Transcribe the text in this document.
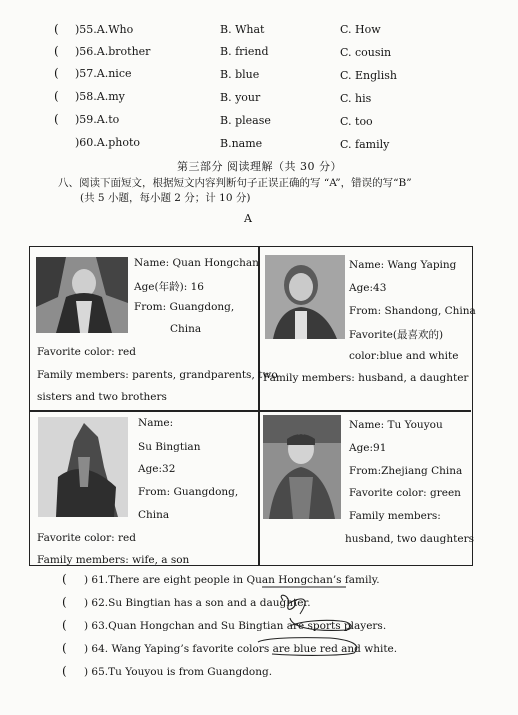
( )55.A.Who	B. What	C. How
( )56.A.brother	B. friend	C. cousin
( )57.A.nice	B. blue	C. English
( )58.A.my	B. your	C. his
( )59.A.to	B. please	C. too
)60.A.photo	B.name	C. family
第三部分 阅读理解（共 30 分）
八、阅读下面短文，根据短文内容判断句子正误正确的写 “A”，错误的写“B”
(共 5 小题，每小题 2 分；计 10 分)
A
Name: Quan Hongchan
Age(年龄): 16
From: Guangdong,
China
Favorite color: red
Family members: parents, grandparents, two
sisters and two brothers
Name: Wang Yaping
Age:43
From: Shandong, China
Favorite(最喜欢的)
color:blue and white
Family members: husband, a daughter
Name:
Su Bingtian
Age:32
From: Guangdong,
China
Favorite color: red
Family members: wife, a son
Name: Tu Youyou
Age:91
From:Zhejiang China
Favorite color: green
Family members:
husband, two daughters
( ) 61.There are eight people in Quan Hongchan’s family.
( ) 62.Su Bingtian has a son and a daughter.
( ) 63.Quan Hongchan and Su Bingtian are sports players.
( ) 64. Wang Yaping’s favorite colors are blue red and white.
( ) 65.Tu Youyou is from Guangdong.
